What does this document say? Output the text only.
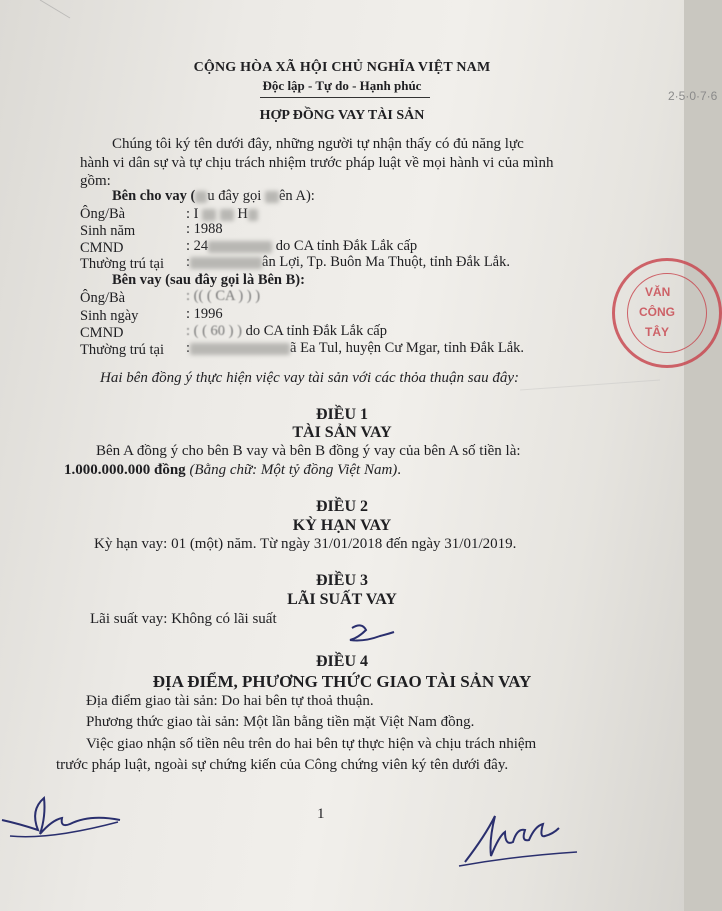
CỘNG HÒA XÃ HỘI CHỦ NGHĨA VIỆT NAM
Độc lập - Tự do - Hạnh phúc
HỢP ĐỒNG VAY TÀI SẢN
Chúng tôi ký tên dưới đây, những người tự nhận thấy có đủ năng lực
hành vi dân sự và tự chịu trách nhiệm trước pháp luật về mọi hành vi của mình
gồm:
Bên cho vay ( u đây gọi ên A):
Ông/Bà	: I	H
Sinh năm	: 1988
CMND	: 24	do CA tỉnh Đắk Lắk cấp
Thường trú tại :	ân Lợi, Tp. Buôn Ma Thuột, tỉnh Đắk Lắk.
Bên vay (sau đây gọi là Bên B):
Ông/Bà	: (( ( CA ) ) )
Sinh ngày	: 1996
CMND	: ( ( 60 ) ) do CA tỉnh Đắk Lắk cấp
Thường trú tại :	ã Ea Tul, huyện Cư Mgar, tỉnh Đắk Lắk.
Hai bên đồng ý thực hiện việc vay tài sản với các thỏa thuận sau đây:
ĐIỀU 1
TÀI SẢN VAY
Bên A đồng ý cho bên B vay và bên B đồng ý vay của bên A số tiền là:
1.000.000.000 đồng (Bằng chữ: Một tỷ đồng Việt Nam).
ĐIỀU 2
KỲ HẠN VAY
Kỳ hạn vay: 01 (một) năm. Từ ngày 31/01/2018 đến ngày 31/01/2019.
ĐIỀU 3
LÃI SUẤT VAY
Lãi suất vay: Không có lãi suất
ĐIỀU 4
ĐỊA ĐIỂM, PHƯƠNG THỨC GIAO TÀI SẢN VAY
Địa điểm giao tài sản: Do hai bên tự thoả thuận.
Phương thức giao tài sản: Một lần bằng tiền mặt Việt Nam đồng.
Việc giao nhận số tiền nêu trên do hai bên tự thực hiện và chịu trách nhiệm
trước pháp luật, ngoài sự chứng kiến của Công chứng viên ký tên dưới đây.
1
VĂN
CÔNG
TÂY
2·5·0·7·6
